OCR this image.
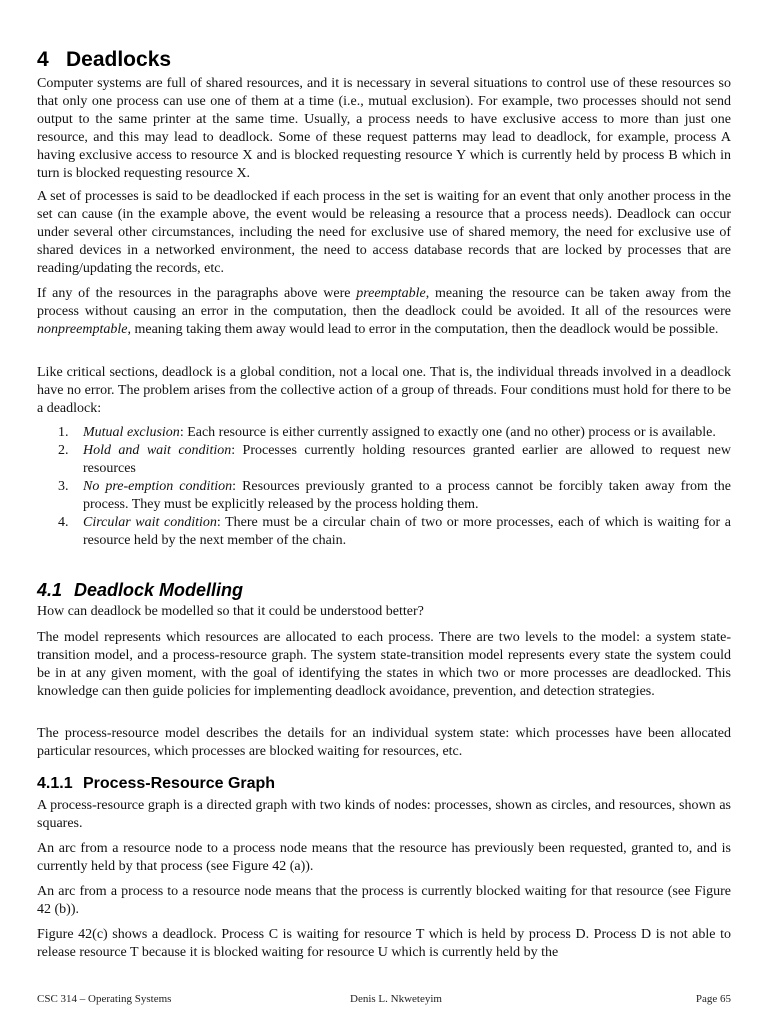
4 Deadlocks

Computer systems are full of shared resources, and it is necessary in several situations to control use of these resources so that only one process can use one of them at a time (i.e., mutual exclusion). For example, two processes should not send output to the same printer at the same time. Usually, a process needs to have exclusive access to more than just one resource, and this may lead to deadlock. Some of these request patterns may lead to deadlock, for example, process A having exclusive access to resource X and is blocked requesting resource Y which is currently held by process B which in turn is blocked requesting resource X.

A set of processes is said to be deadlocked if each process in the set is waiting for an event that only another process in the set can cause (in the example above, the event would be releasing a resource that a process needs). Deadlock can occur under several other circumstances, including the need for exclusive use of shared memory, the need for exclusive use of shared devices in a networked environment, the need to access database records that are locked by processes that are reading/updating the records, etc.

If any of the resources in the paragraphs above were preemptable, meaning the resource can be taken away from the process without causing an error in the computation, then the deadlock could be avoided. It all of the resources were nonpreemptable, meaning taking them away would lead to error in the computation, then the deadlock would be possible.

Like critical sections, deadlock is a global condition, not a local one. That is, the individual threads involved in a deadlock have no error. The problem arises from the collective action of a group of threads. Four conditions must hold for there to be a deadlock:

1. Mutual exclusion: Each resource is either currently assigned to exactly one (and no other) process or is available.
2. Hold and wait condition: Processes currently holding resources granted earlier are allowed to request new resources
3. No pre-emption condition: Resources previously granted to a process cannot be forcibly taken away from the process. They must be explicitly released by the process holding them.
4. Circular wait condition: There must be a circular chain of two or more processes, each of which is waiting for a resource held by the next member of the chain.
4.1 Deadlock Modelling

How can deadlock be modelled so that it could be understood better?

The model represents which resources are allocated to each process. There are two levels to the model: a system state-transition model, and a process-resource graph. The system state-transition model represents every state the system could be in at any given moment, with the goal of identifying the states in which two or more processes are deadlocked. This knowledge can then guide policies for implementing deadlock avoidance, prevention, and detection strategies.

The process-resource model describes the details for an individual system state: which processes have been allocated particular resources, which processes are blocked waiting for resources, etc.

4.1.1 Process-Resource Graph

A process-resource graph is a directed graph with two kinds of nodes: processes, shown as circles, and resources, shown as squares.

An arc from a resource node to a process node means that the resource has previously been requested, granted to, and is currently held by that process (see Figure 42 (a)).

An arc from a process to a resource node means that the process is currently blocked waiting for that resource (see Figure 42 (b)).

Figure 42(c) shows a deadlock. Process C is waiting for resource T which is held by process D. Process D is not able to release resource T because it is blocked waiting for resource U which is currently held by the

CSC 314 – Operating Systems	Denis L. Nkweteyim	Page 65
